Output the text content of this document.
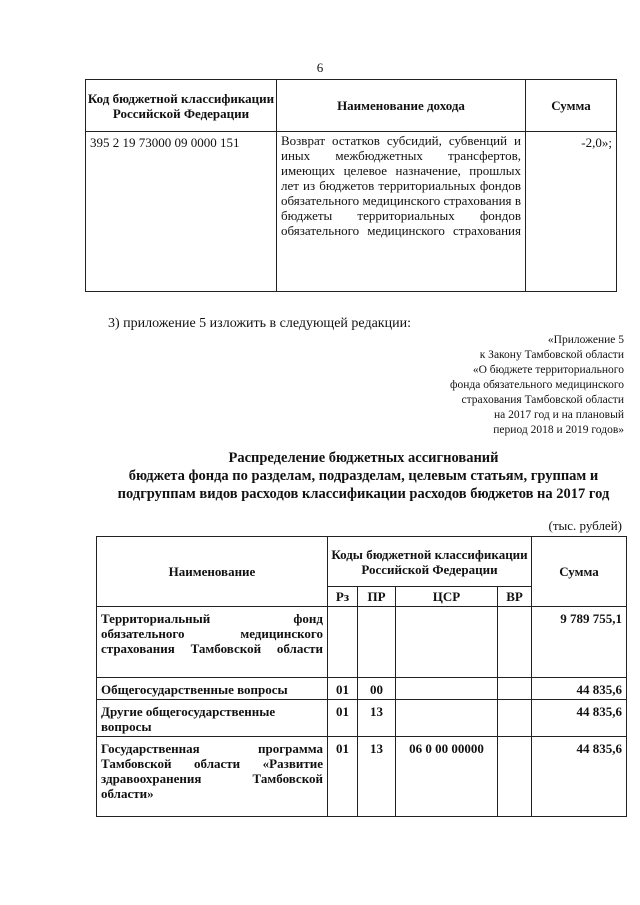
6
Код бюджетной классификации Российской Федерации	Наименование дохода	Сумма
395 2 19 73000 09 0000 151	Возврат остатков субсидий, субвенций и иных межбюджетных трансфертов, имеющих целевое назначение, прошлых лет из бюджетов территориальных фондов обязательного медицинского страхования в бюджеты территориальных фондов обязательного медицинского страхования	-2,0»;
3) приложение 5 изложить в следующей редакции:
«Приложение 5
к Закону Тамбовской области
«О бюджете территориального
фонда обязательного медицинского
страхования Тамбовской области
на 2017 год и на плановый
период 2018 и 2019 годов»
Распределение бюджетных ассигнований
бюджета фонда по разделам, подразделам, целевым статьям, группам и
подгруппам видов расходов классификации расходов бюджетов на 2017 год
(тыс. рублей)
Наименование	Коды бюджетной классификации Российской Федерации				Сумма
	Рз	ПР	ЦСР	ВР	
Территориальный фонд обязательного медицинского страхования Тамбовской области					9 789 755,1
Общегосударственные вопросы	01	00			44 835,6
Другие общегосударственные вопросы	01	13			44 835,6
Государственная программа Тамбовской области «Развитие здравоохранения Тамбовской области»	01	13	06 0 00 00000		44 835,6
